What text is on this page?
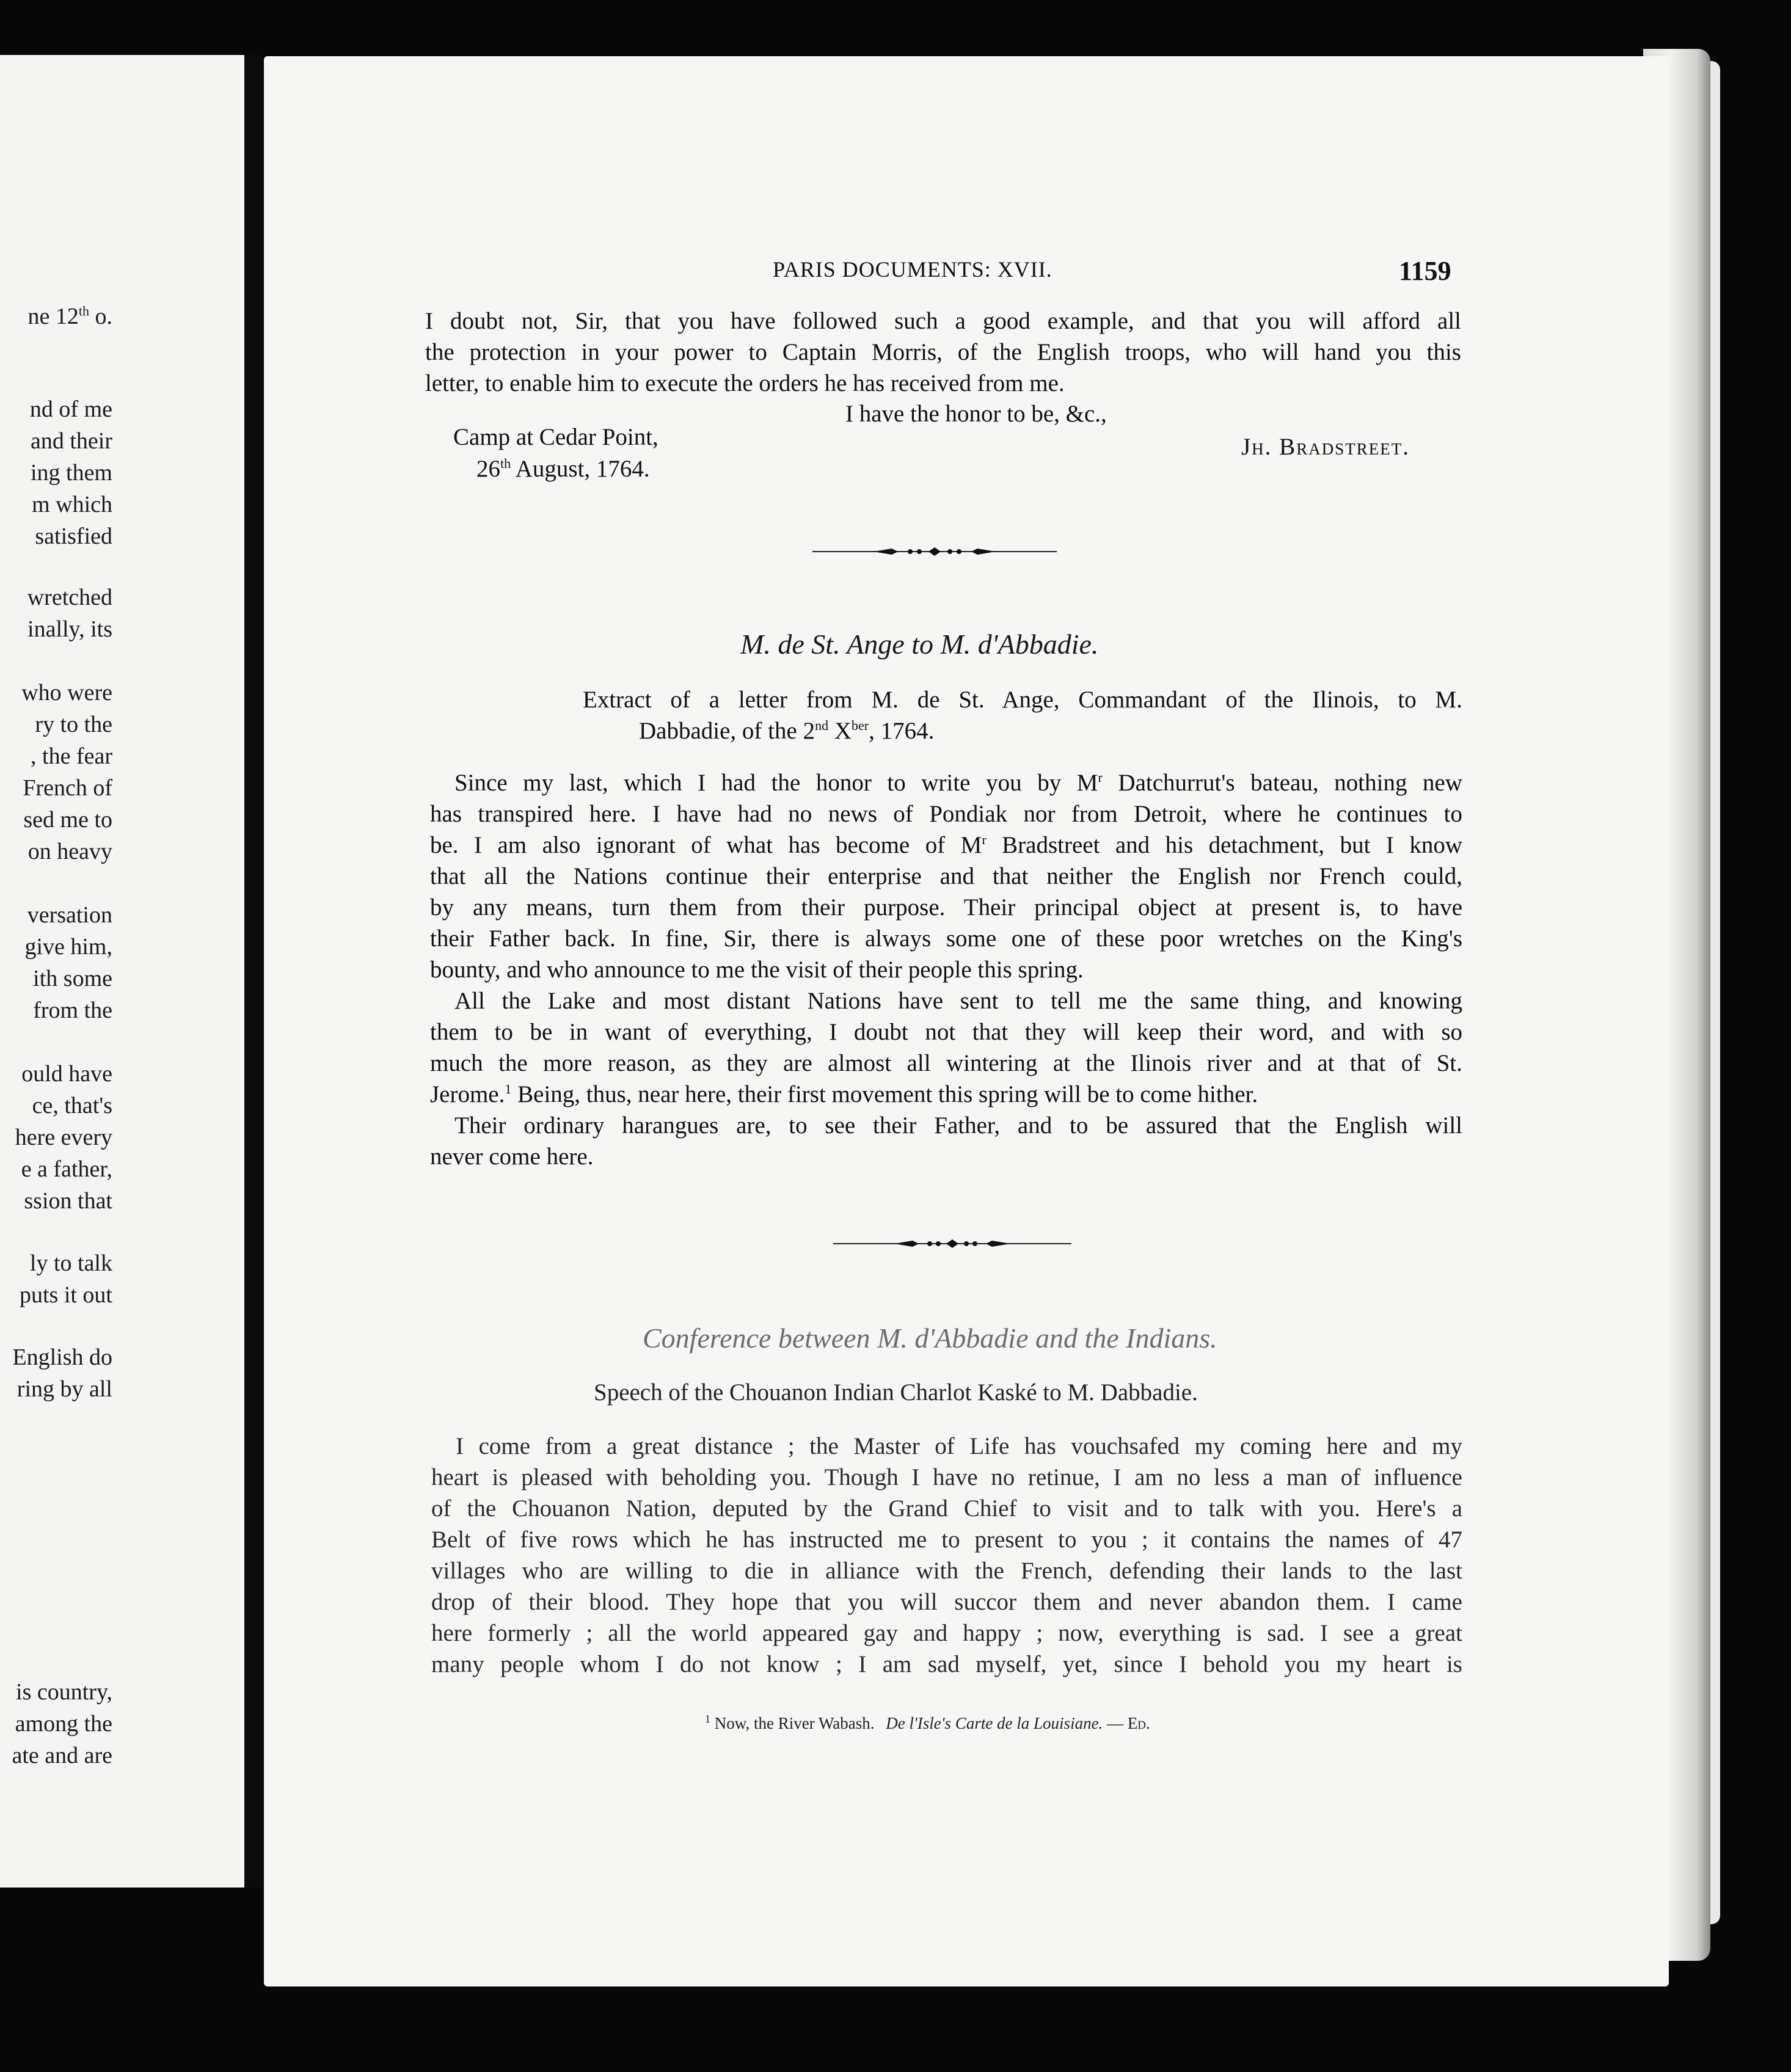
ne 12th o.
nd of me
and their
ing them
m which
satisfied
wretched
inally, its
who were
ry to the
, the fear
French of
sed me to
on heavy
versation
give him,
ith some
from the
ould have
ce, that's
here every
e a father,
ssion that
ly to talk
puts it out
English do
ring by all
is country,
among the
ate and are
PARIS DOCUMENTS: XVII.	1159
I doubt not, Sir, that you have followed such a good example, and that you will afford all
the protection in your power to Captain Morris, of the English troops, who will hand you this
letter, to enable him to execute the orders he has received from me.
I have the honor to be, &c.,
Camp at Cedar Point,
26th August, 1764.
Jh. Bradstreet.
M. de St. Ange to M. d'Abbadie.
Extract of a letter from M. de St. Ange, Commandant of the Ilinois, to M.
Dabbadie, of the 2nd $X^{ber}$, 1764.
Since my last, which I had the honor to write you by $M^r$ Datchurrut's bateau, nothing new
has transpired here. I have had no news of Pondiak nor from Detroit, where he continues to
be. I am also ignorant of what has become of $M^r$ Bradstreet and his detachment, but I know
that all the Nations continue their enterprise and that neither the English nor French could,
by any means, turn them from their purpose. Their principal object at present is, to have
their Father back. In fine, Sir, there is always some one of these poor wretches on the King's
bounty, and who announce to me the visit of their people this spring.
All the Lake and most distant Nations have sent to tell me the same thing, and knowing
them to be in want of everything, I doubt not that they will keep their word, and with so
much the more reason, as they are almost all wintering at the Ilinois river and at that of St.
Jerome.$^1$ Being, thus, near here, their first movement this spring will be to come hither.
Their ordinary harangues are, to see their Father, and to be assured that the English will
never come here.
Conference between M. d'Abbadie and the Indians.
Speech of the Chouanon Indian Charlot Kaské to M. Dabbadie.
I come from a great distance ; the Master of Life has vouchsafed my coming here and my
heart is pleased with beholding you. Though I have no retinue, I am no less a man of influence
of the Chouanon Nation, deputed by the Grand Chief to visit and to talk with you. Here's a
Belt of five rows which he has instructed me to present to you ; it contains the names of 47
villages who are willing to die in alliance with the French, defending their lands to the last
drop of their blood. They hope that you will succor them and never abandon them. I came
here formerly ; all the world appeared gay and happy ; now, everything is sad. I see a great
many people whom I do not know ; I am sad myself, yet, since I behold you my heart is
$^1$ Now, the River Wabash. De l'Isle's Carte de la Louisiane. — Ed.
